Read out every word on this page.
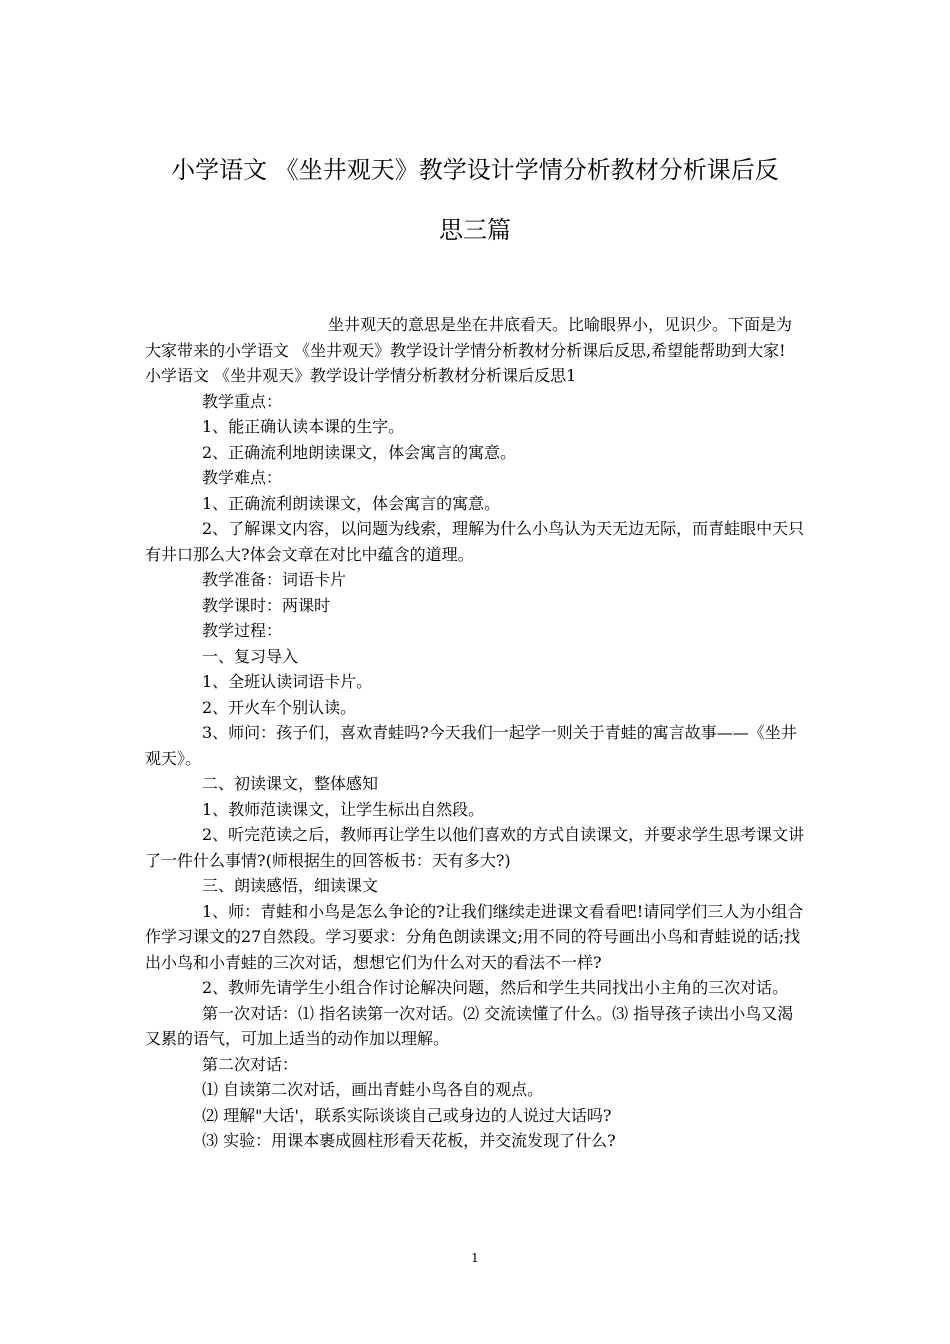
小学语文 《坐井观天》教学设计学情分析教材分析课后反
思三篇

坐井观天的意思是坐在井底看天。比喻眼界小，见识少。下面是为大家带来的小学语文 《坐井观天》教学设计学情分析教材分析课后反思,希望能帮助到大家!　　小学语文 《坐井观天》教学设计学情分析教材分析课后反思1

教学重点：

1、能正确认读本课的生字。

2、正确流利地朗读课文，体会寓言的寓意。

教学难点：

1、正确流利朗读课文，体会寓言的寓意。

2、了解课文内容，以问题为线索，理解为什么小鸟认为天无边无际，而青蛙眼中天只有井口那么大?体会文章在对比中蕴含的道理。

教学准备：词语卡片

教学课时：两课时

教学过程：

一、复习导入

1、全班认读词语卡片。

2、开火车个别认读。

3、师问：孩子们，喜欢青蛙吗?今天我们一起学一则关于青蛙的寓言故事——《坐井观天》。

二、初读课文，整体感知

1、教师范读课文，让学生标出自然段。

2、听完范读之后，教师再让学生以他们喜欢的方式自读课文，并要求学生思考课文讲了一件什么事情?(师根据生的回答板书：天有多大?)

三、朗读感悟，细读课文

1、师：青蛙和小鸟是怎么争论的?让我们继续走进课文看看吧!请同学们三人为小组合作学习课文的27自然段。学习要求：分角色朗读课文;用不同的符号画出小鸟和青蛙说的话;找出小鸟和小青蛙的三次对话，想想它们为什么对天的看法不一样?

2、教师先请学生小组合作讨论解决问题，然后和学生共同找出小主角的三次对话。

第一次对话：⑴ 指名读第一次对话。⑵ 交流读懂了什么。⑶ 指导孩子读出小鸟又渴又累的语气，可加上适当的动作加以理解。

第二次对话：

⑴ 自读第二次对话，画出青蛙小鸟各自的观点。

⑵ 理解"大话'，联系实际谈谈自己或身边的人说过大话吗?

⑶ 实验：用课本裹成圆柱形看天花板，并交流发现了什么?

1
